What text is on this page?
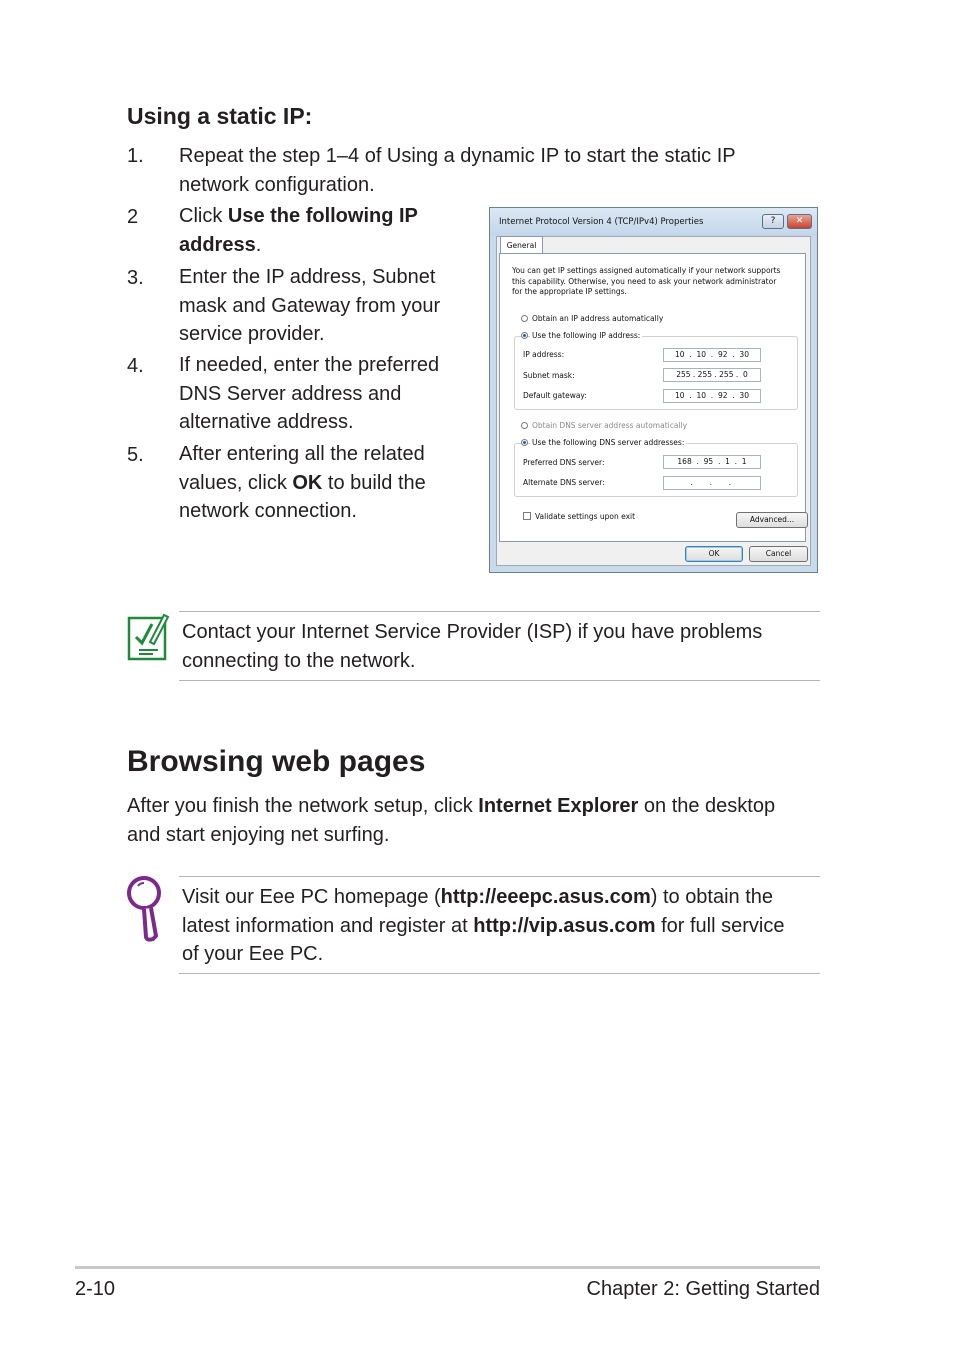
Using a static IP:
1. Repeat the step 1–4 of Using a dynamic IP to start the static IP
network configuration.
2 Click Use the following IP
address.
3. Enter the IP address, Subnet
mask and Gateway from your
service provider.
4. If needed, enter the preferred
DNS Server address and
alternative address.
5. After entering all the related
values, click OK to build the
network connection.
Internet Protocol Version 4 (TCP/IPv4) Properties	?	✕
General
You can get IP settings assigned automatically if your network supports
this capability. Otherwise, you need to ask your network administrator
for the appropriate IP settings.
Obtain an IP address automatically
Use the following IP address:
IP address:	10  .  10  .  92  .  30
Subnet mask:	255 . 255 . 255 .  0
Default gateway:	10  .  10  .  92  .  30
Obtain DNS server address automatically
Use the following DNS server addresses:
Preferred DNS server:	168  .  95  .  1  .  1
Alternate DNS server:	.       .       .
Validate settings upon exit	Advanced...
OK	Cancel
Contact your Internet Service Provider (ISP) if you have problems
connecting to the network.
Browsing web pages
After you finish the network setup, click Internet Explorer on the desktop
and start enjoying net surfing.
Visit our Eee PC homepage (http://eeepc.asus.com) to obtain the
latest information and register at http://vip.asus.com for full service
of your Eee PC.
2-10	Chapter 2: Getting Started
